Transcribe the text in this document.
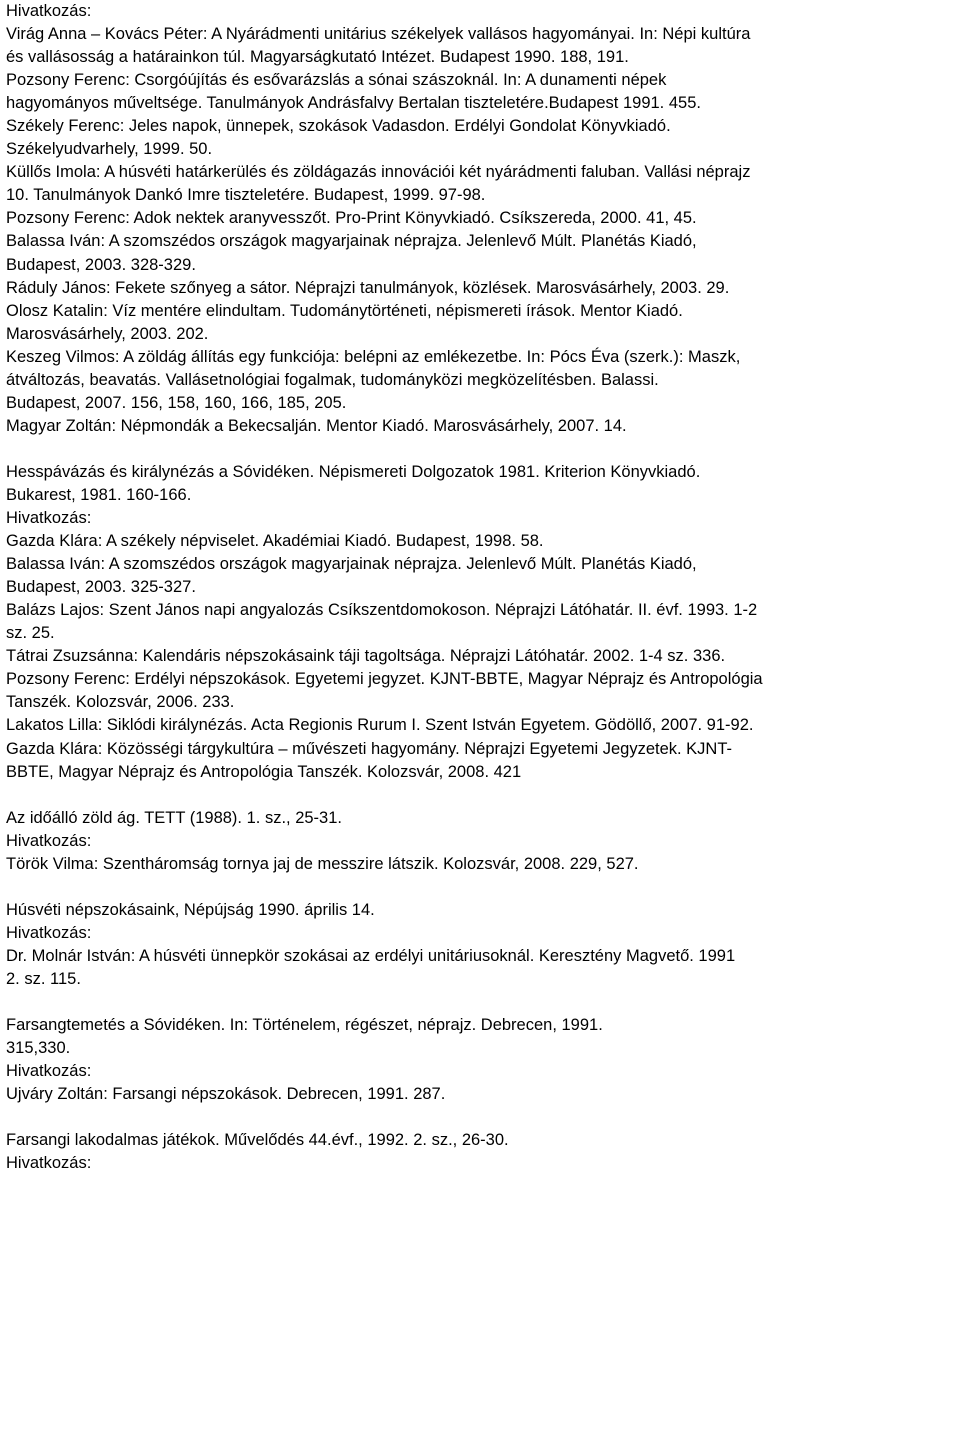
Hivatkozás:
Virág Anna – Kovács Péter: A Nyárádmenti unitárius székelyek vallásos hagyományai. In: Népi kultúra
és vallásosság a határainkon túl. Magyarságkutató Intézet. Budapest 1990. 188, 191.
Pozsony Ferenc: Csorgóújítás és esővarázslás a sónai szászoknál. In: A dunamenti népek
hagyományos műveltsége. Tanulmányok Andrásfalvy Bertalan tiszteletére.Budapest 1991. 455.
Székely Ferenc: Jeles napok, ünnepek, szokások Vadasdon. Erdélyi Gondolat Könyvkiadó.
Székelyudvarhely, 1999. 50.
Küllős Imola: A húsvéti határkerülés és zöldágazás innovációi két nyárádmenti faluban. Vallási néprajz
10. Tanulmányok Dankó Imre tiszteletére. Budapest, 1999. 97-98.
Pozsony Ferenc: Adok nektek aranyvesszőt. Pro-Print Könyvkiadó. Csíkszereda, 2000. 41, 45.
Balassa Iván: A szomszédos országok magyarjainak néprajza. Jelenlevő Múlt. Planétás Kiadó,
Budapest, 2003. 328-329.
Ráduly János: Fekete szőnyeg a sátor. Néprajzi tanulmányok, közlések. Marosvásárhely, 2003. 29.
Olosz Katalin: Víz mentére elindultam. Tudománytörténeti, népismereti írások. Mentor Kiadó.
Marosvásárhely, 2003. 202.
Keszeg Vilmos: A zöldág állítás egy funkciója: belépni az emlékezetbe. In: Pócs Éva (szerk.): Maszk,
átváltozás, beavatás. Vallásetnológiai fogalmak, tudományközi megközelítésben. Balassi.
Budapest, 2007. 156, 158, 160, 166, 185, 205.
Magyar Zoltán: Népmondák a Bekecsalján. Mentor Kiadó. Marosvásárhely, 2007. 14.
Hesspávázás és királynézás a Sóvidéken. Népismereti Dolgozatok 1981. Kriterion Könyvkiadó.
Bukarest, 1981. 160-166.
Hivatkozás:
Gazda Klára: A székely népviselet. Akadémiai Kiadó. Budapest, 1998. 58.
Balassa Iván: A szomszédos országok magyarjainak néprajza. Jelenlevő Múlt. Planétás Kiadó,
Budapest, 2003. 325-327.
Balázs Lajos: Szent János napi angyalozás Csíkszentdomokoson. Néprajzi Látóhatár. II. évf. 1993. 1-2
sz. 25.
Tátrai Zsuzsánna: Kalendáris népszokásaink táji tagoltsága. Néprajzi Látóhatár. 2002. 1-4 sz. 336.
Pozsony Ferenc: Erdélyi népszokások. Egyetemi jegyzet. KJNT-BBTE, Magyar Néprajz és Antropológia
Tanszék. Kolozsvár, 2006. 233.
Lakatos Lilla: Siklódi királynézás. Acta Regionis Rurum I. Szent István Egyetem. Gödöllő, 2007. 91-92.
Gazda Klára: Közösségi tárgykultúra – művészeti hagyomány. Néprajzi Egyetemi Jegyzetek. KJNT-
BBTE, Magyar Néprajz és Antropológia Tanszék. Kolozsvár, 2008. 421
Az időálló zöld ág. TETT (1988). 1. sz., 25-31.
Hivatkozás:
Török Vilma: Szentháromság tornya jaj de messzire látszik. Kolozsvár, 2008. 229, 527.
Húsvéti népszokásaink, Népújság 1990. április 14.
Hivatkozás:
Dr. Molnár István: A húsvéti ünnepkör szokásai az erdélyi unitáriusoknál. Keresztény Magvető. 1991
2. sz. 115.
Farsangtemetés a Sóvidéken. In: Történelem, régészet, néprajz. Debrecen, 1991.
315,330.
Hivatkozás:
Ujváry Zoltán: Farsangi népszokások. Debrecen, 1991. 287.
Farsangi lakodalmas játékok. Művelődés 44.évf., 1992. 2. sz., 26-30.
Hivatkozás:
